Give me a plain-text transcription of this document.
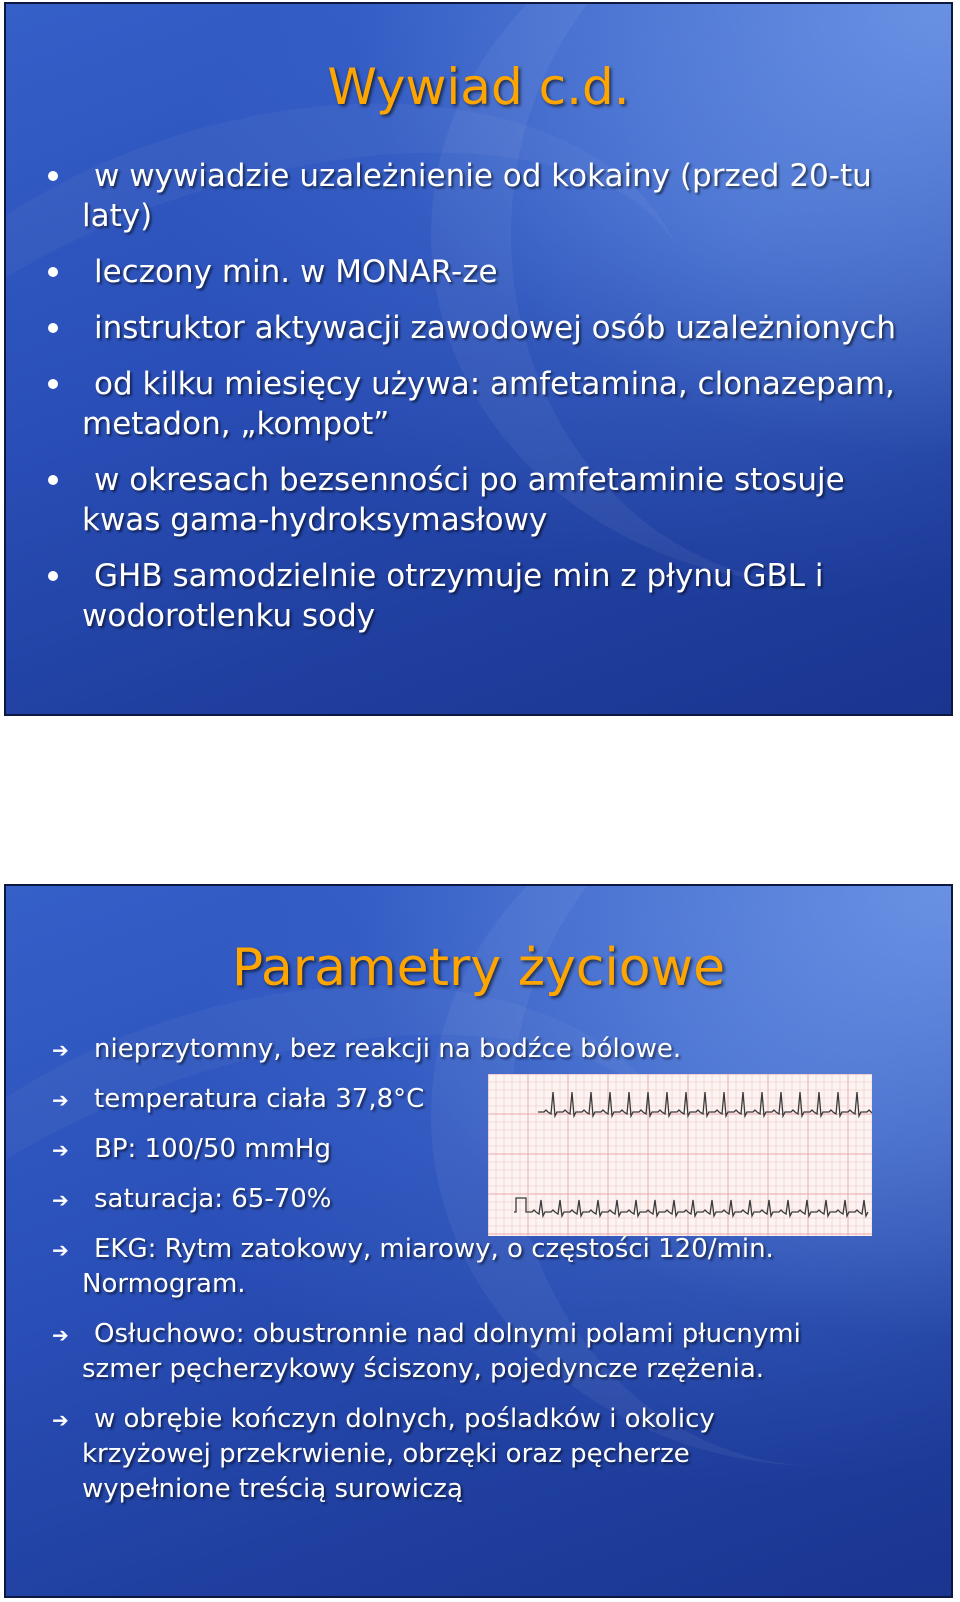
Wywiad c.d.
w wywiadzie uzależnienie od kokainy (przed 20-tu laty)
leczony min. w MONAR-ze
instruktor aktywacji zawodowej osób uzależnionych
od kilku miesięcy używa: amfetamina, clonazepam, metadon, „kompot”
w okresach bezsenności po amfetaminie stosuje kwas gama-hydroksymasłowy
GHB samodzielnie otrzymuje min z płynu GBL i wodorotlenku sody
Parametry życiowe
➔ nieprzytomny, bez reakcji na bodźce bólowe.
➔ temperatura ciała 37,8°C
➔ BP: 100/50 mmHg
➔ saturacja: 65-70%
➔ EKG: Rytm zatokowy, miarowy, o częstości 120/min. Normogram.
➔ Osłuchowo: obustronnie nad dolnymi polami płucnymi szmer pęcherzykowy ściszony, pojedyncze rzężenia.
➔ w obrębie kończyn dolnych, pośladków i okolicy krzyżowej przekrwienie, obrzęki oraz pęcherze wypełnione treścią surowiczą
